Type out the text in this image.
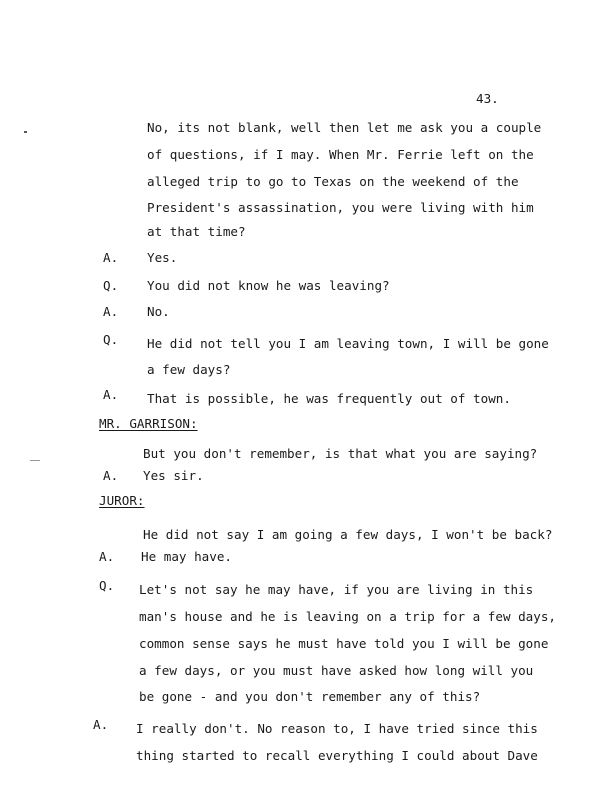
43.
No, its not blank, well then let me ask you a couple
of questions, if I may. When Mr. Ferrie left on the
alleged trip to go to Texas on the weekend of the
President's assassination, you were living with him
at that time?
A. Yes.
Q. You did not know he was leaving?
A. No.
Q. He did not tell you I am leaving town, I will be gone
a few days?
A. That is possible, he was frequently out of town.
MR. GARRISON:
But you don't remember, is that what you are saying?
A. Yes sir.
JUROR:
He did not say I am going a few days, I won't be back?
A. He may have.
Q. Let's not say he may have, if you are living in this
man's house and he is leaving on a trip for a few days,
common sense says he must have told you I will be gone
a few days, or you must have asked how long will you
be gone - and you don't remember any of this?
A. I really don't. No reason to, I have tried since this
thing started to recall everything I could about Dave
